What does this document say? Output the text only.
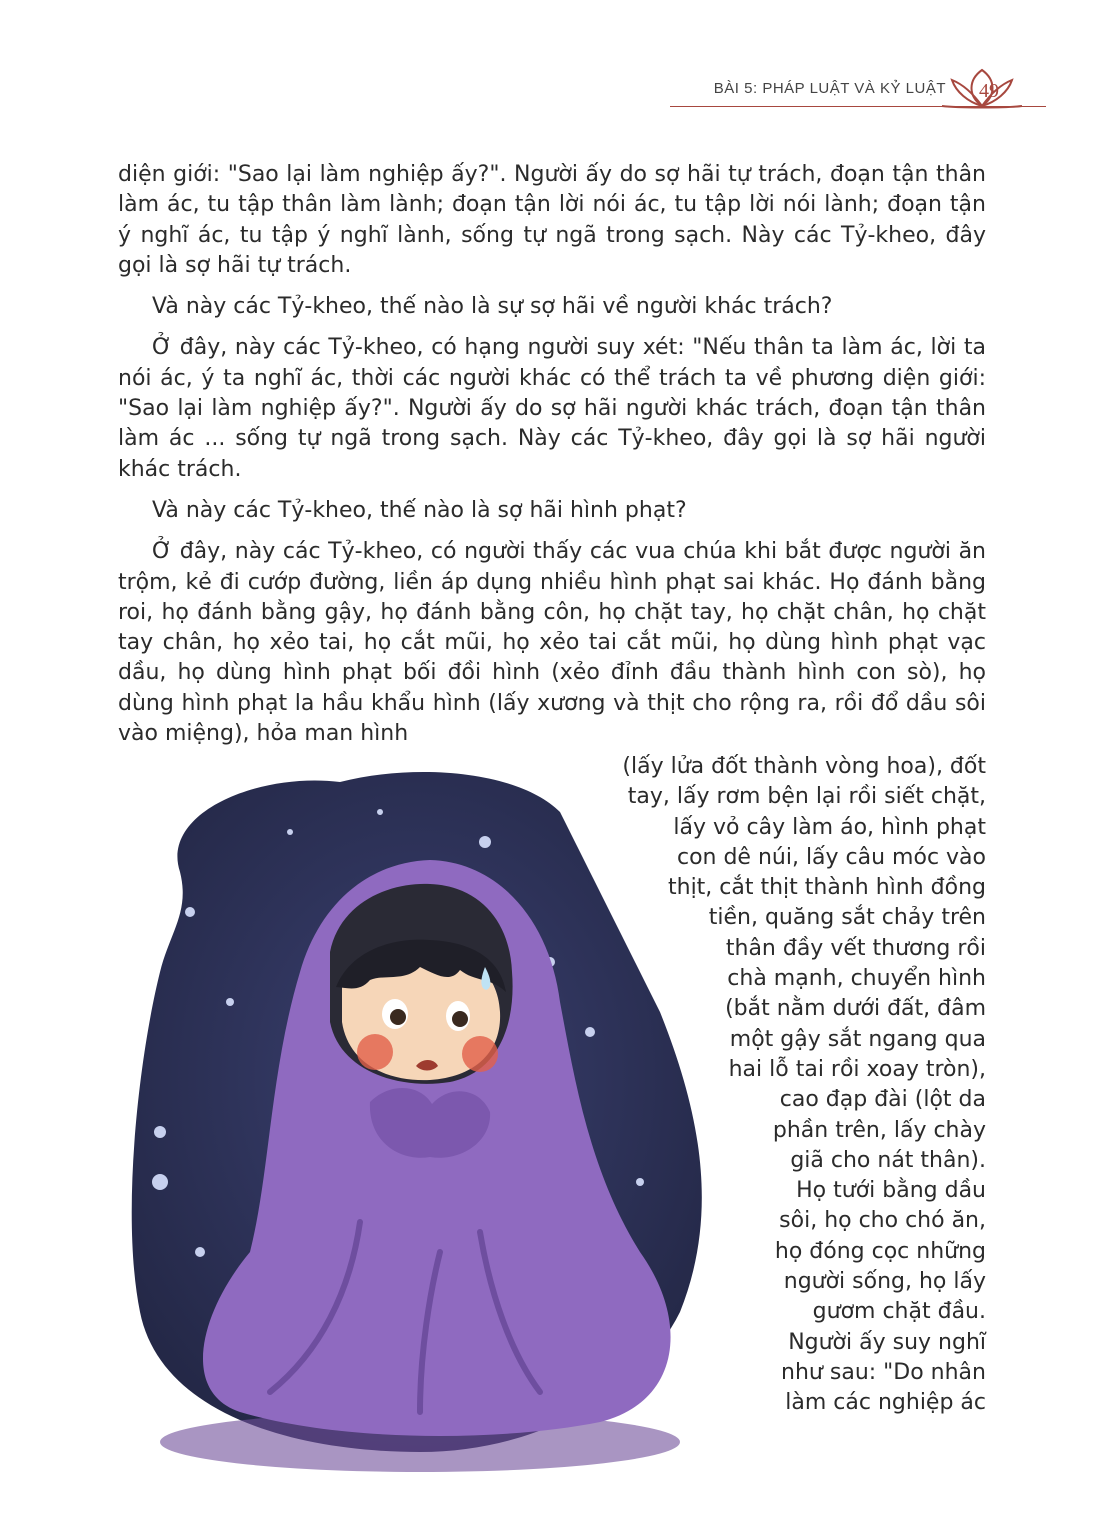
BÀI 5: PHÁP LUẬT VÀ KỶ LUẬT 49

diện giới: "Sao lại làm nghiệp ấy?". Người ấy do sợ hãi tự trách, đoạn tận thân làm ác, tu tập thân làm lành; đoạn tận lời nói ác, tu tập lời nói lành; đoạn tận ý nghĩ ác, tu tập ý nghĩ lành, sống tự ngã trong sạch. Này các Tỷ-kheo, đây gọi là sợ hãi tự trách.

Và này các Tỷ-kheo, thế nào là sự sợ hãi về người khác trách?

Ở đây, này các Tỷ-kheo, có hạng người suy xét: "Nếu thân ta làm ác, lời ta nói ác, ý ta nghĩ ác, thời các người khác có thể trách ta về phương diện giới: "Sao lại làm nghiệp ấy?". Người ấy do sợ hãi người khác trách, đoạn tận thân làm ác ... sống tự ngã trong sạch. Này các Tỷ-kheo, đây gọi là sợ hãi người khác trách.

Và này các Tỷ-kheo, thế nào là sợ hãi hình phạt?

Ở đây, này các Tỷ-kheo, có người thấy các vua chúa khi bắt được người ăn trộm, kẻ đi cướp đường, liền áp dụng nhiều hình phạt sai khác. Họ đánh bằng roi, họ đánh bằng gậy, họ đánh bằng côn, họ chặt tay, họ chặt chân, họ chặt tay chân, họ xẻo tai, họ cắt mũi, họ xẻo tai cắt mũi, họ dùng hình phạt vạc dầu, họ dùng hình phạt bối đồi hình (xẻo đỉnh đầu thành hình con sò), họ dùng hình phạt la hầu khẩu hình (lấy xương và thịt cho rộng ra, rồi đổ dầu sôi vào miệng), hỏa man hình

(lấy lửa đốt thành vòng hoa), đốt
tay, lấy rơm bện lại rồi siết chặt,
lấy vỏ cây làm áo, hình phạt
con dê núi, lấy câu móc vào
thịt, cắt thịt thành hình đồng
tiền, quăng sắt chảy trên
thân đầy vết thương rồi
chà mạnh, chuyển hình
(bắt nằm dưới đất, đâm
một gậy sắt ngang qua
hai lỗ tai rồi xoay tròn),
cao đạp đài (lột da
phần trên, lấy chày
giã cho nát thân).
Họ tưới bằng dầu
sôi, họ cho chó ăn,
họ đóng cọc những
người sống, họ lấy
gươm chặt đầu.
Người ấy suy nghĩ
như sau: "Do nhân
làm các nghiệp ác
